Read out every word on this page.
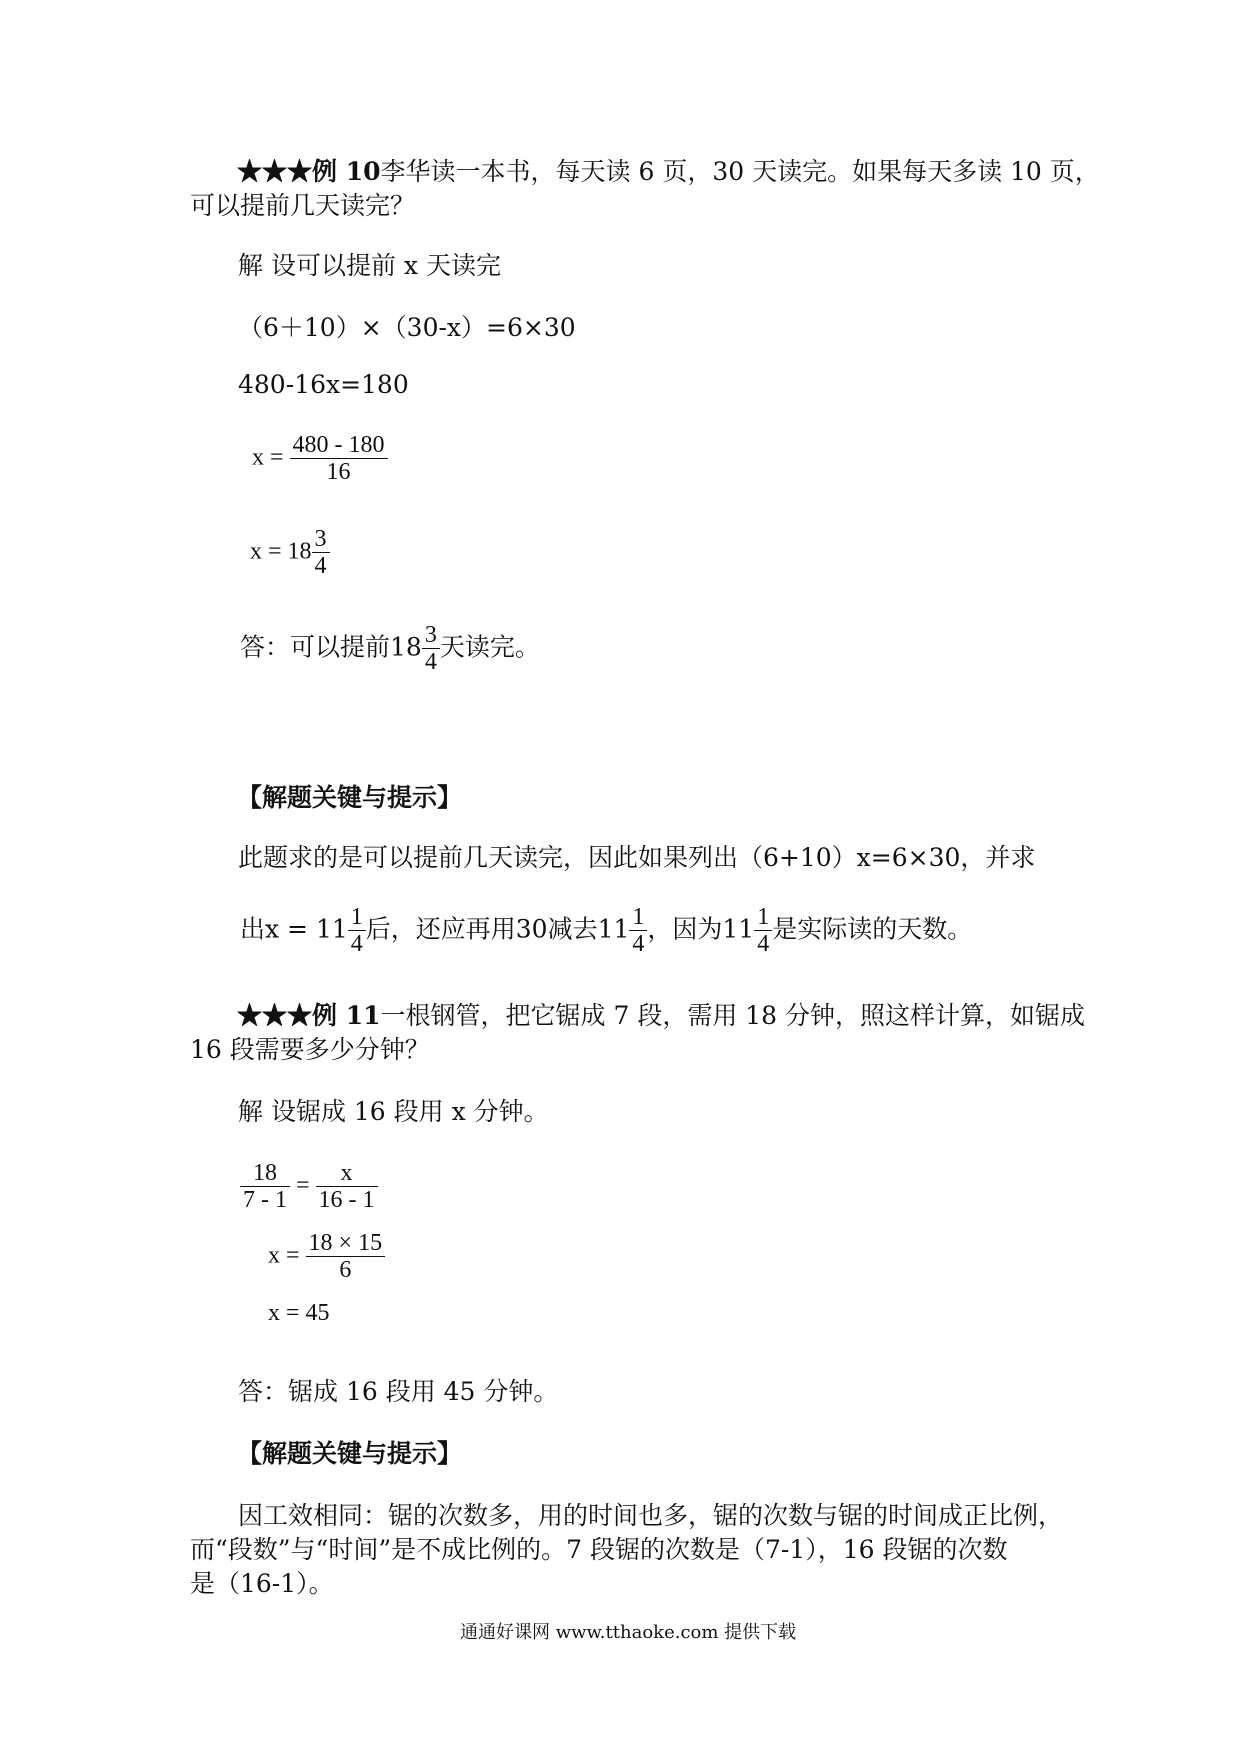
★★★例 10李华读一本书，每天读 6 页，30 天读完。如果每天多读 10 页，
可以提前几天读完？
解 设可以提前 x 天读完
（6＋10）×（30-x）=6×30
480-16x=180
$x = \frac{480 - 180}{16}$
$x = 18 \frac{3}{4}$
答：可以提前$18 \frac{3}{4}$ 天读完。
【解题关键与提示】
此题求的是可以提前几天读完，因此如果列出（6+10）x=6×30，并求
出$x = 11 \frac{1}{4}$ 后，还应再用30减去$11 \frac{1}{4}$ ，因为$11 \frac{1}{4}$ 是实际读的天数。
★★★例 11一根钢管，把它锯成 7 段，需用 18 分钟，照这样计算，如锯成
16 段需要多少分钟？
解 设锯成 16 段用 x 分钟。
$\frac{18}{7 - 1} = \frac{x}{16 - 1}$
$x = \frac{18 \times 15}{6}$
x = 45
答：锯成 16 段用 45 分钟。
【解题关键与提示】
因工效相同：锯的次数多，用的时间也多，锯的次数与锯的时间成正比例，
而“段数”与“时间”是不成比例的。7 段锯的次数是（7-1），16 段锯的次数
是（16-1）。
通通好课网 www.tthaoke.com 提供下载
